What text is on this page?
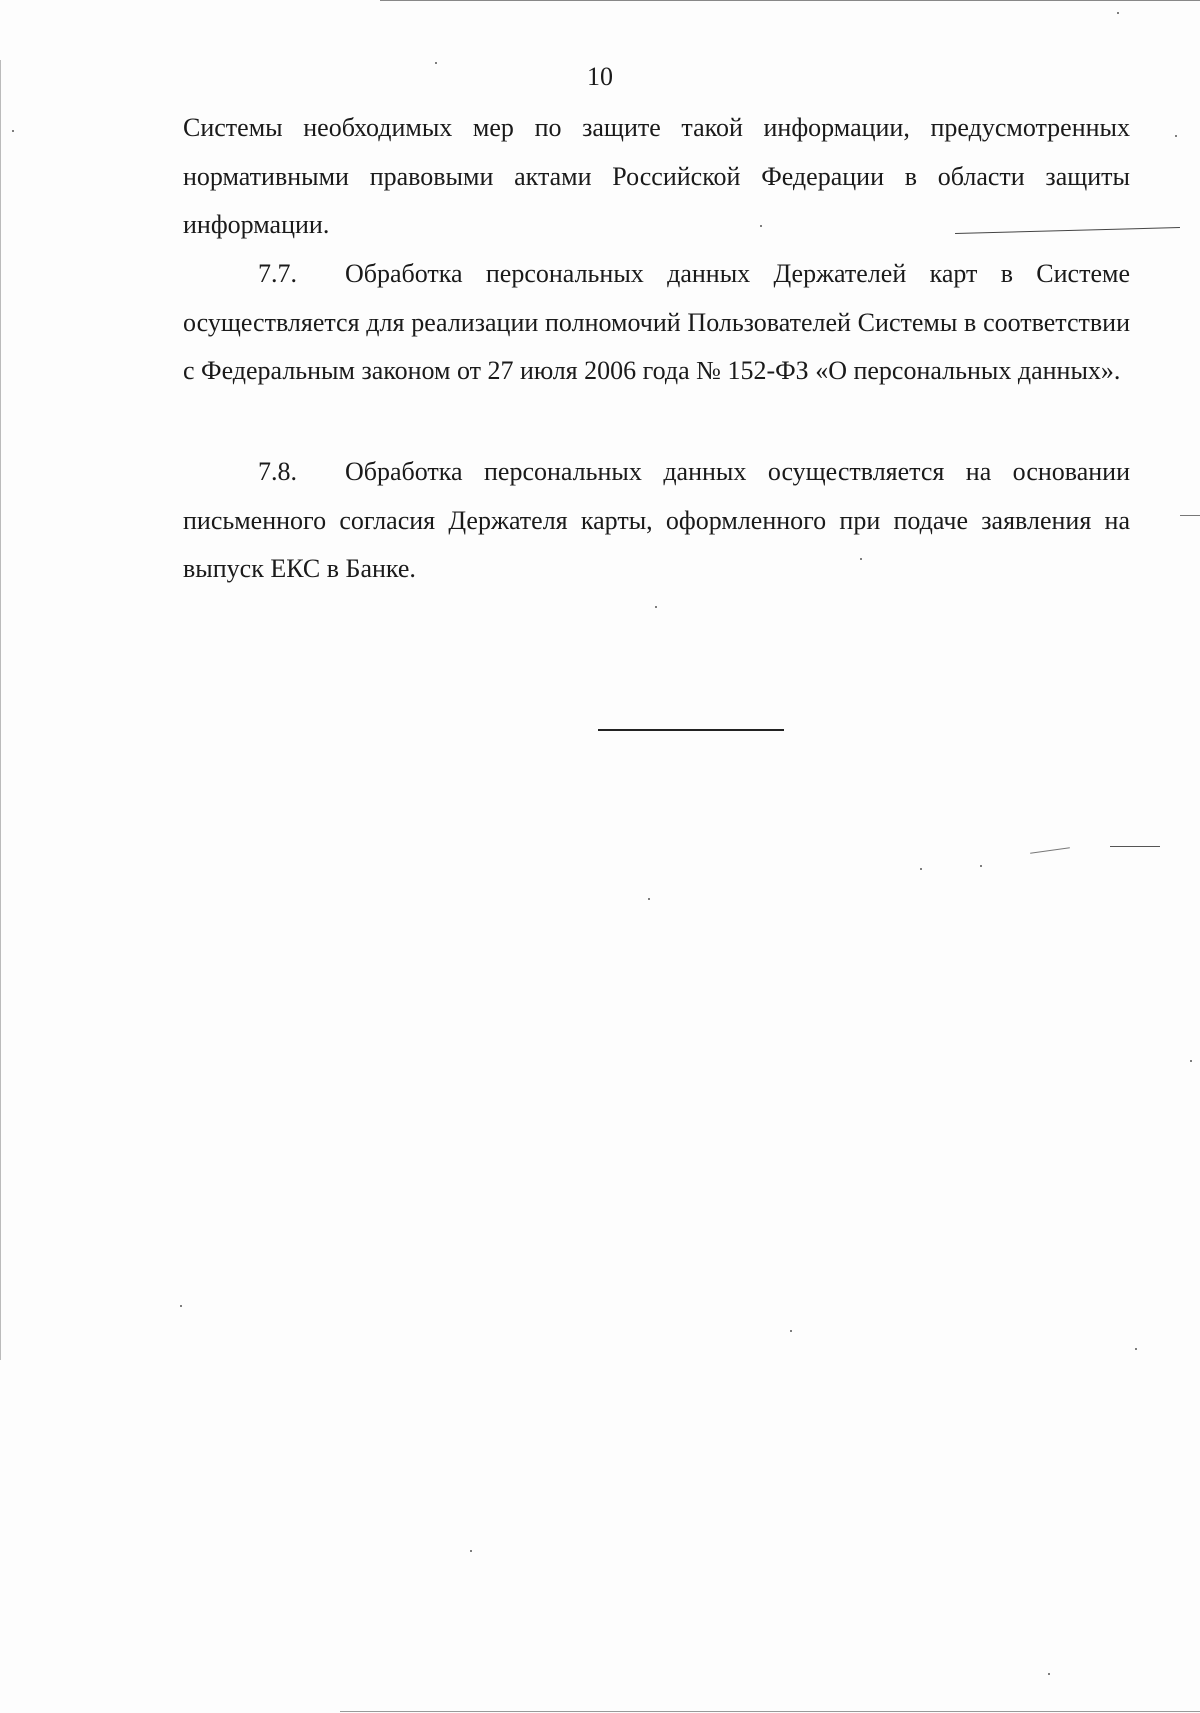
10
Системы необходимых мер по защите такой информации, предусмотренных нормативными правовыми актами Российской Федерации в области защиты информации.
7.7. Обработка персональных данных Держателей карт в Системе осуществляется для реализации полномочий Пользователей Системы в соответствии с Федеральным законом от 27 июля 2006 года № 152-ФЗ «О персональных данных».
7.8. Обработка персональных данных осуществляется на основании письменного согласия Держателя карты, оформленного при подаче заявления на выпуск ЕКС в Банке.
